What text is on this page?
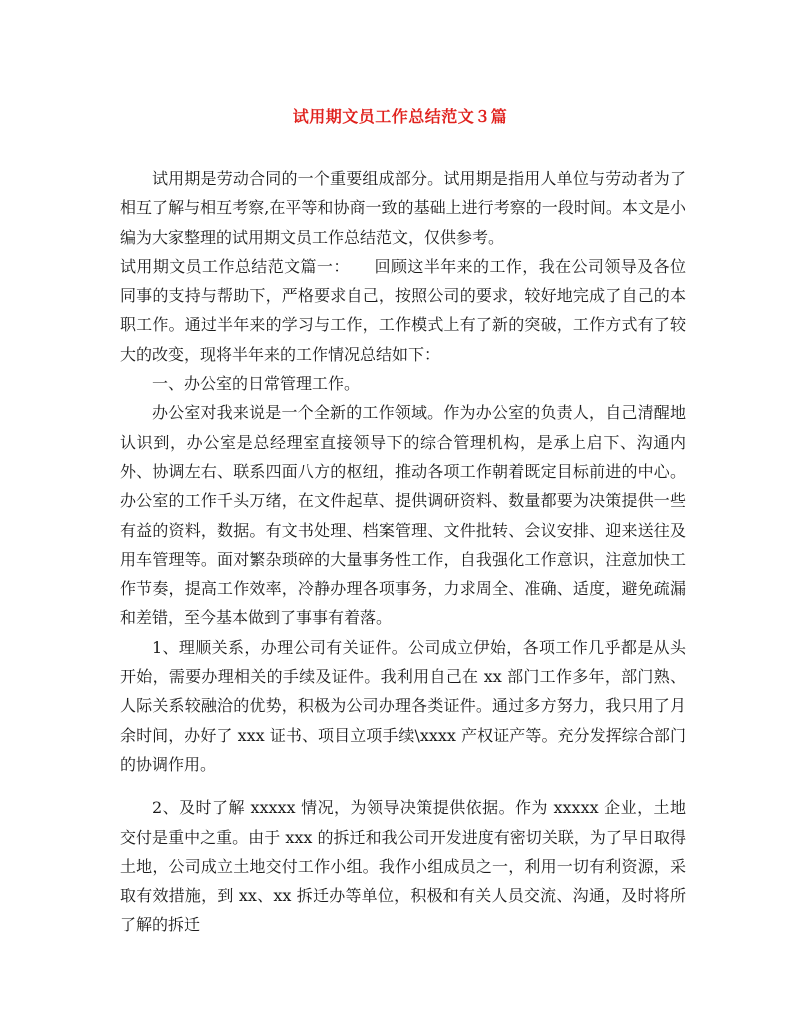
试用期文员工作总结范文３篇

试用期是劳动合同的一个重要组成部分。试用期是指用人单位与劳动者为了相互了解与相互考察,在平等和协商一致的基础上进行考察的一段时间。本文是小编为大家整理的试用期文员工作总结范文，仅供参考。

试用期文员工作总结范文篇一：　　回顾这半年来的工作，我在公司领导及各位同事的支持与帮助下，严格要求自己，按照公司的要求，较好地完成了自己的本职工作。通过半年来的学习与工作，工作模式上有了新的突破，工作方式有了较大的改变，现将半年来的工作情况总结如下：

一、办公室的日常管理工作。

办公室对我来说是一个全新的工作领域。作为办公室的负责人，自己清醒地认识到，办公室是总经理室直接领导下的综合管理机构，是承上启下、沟通内外、协调左右、联系四面八方的枢纽，推动各项工作朝着既定目标前进的中心。办公室的工作千头万绪，在文件起草、提供调研资料、数量都要为决策提供一些有益的资料，数据。有文书处理、档案管理、文件批转、会议安排、迎来送往及用车管理等。面对繁杂琐碎的大量事务性工作，自我强化工作意识，注意加快工作节奏，提高工作效率，冷静办理各项事务，力求周全、准确、适度，避免疏漏和差错，至今基本做到了事事有着落。

1、理顺关系，办理公司有关证件。公司成立伊始，各项工作几乎都是从头开始，需要办理相关的手续及证件。我利用自己在 xx 部门工作多年，部门熟、人际关系较融洽的优势，积极为公司办理各类证件。通过多方努力，我只用了月余时间，办好了 xxx 证书、项目立项手续\xxxx 产权证产等。充分发挥综合部门的协调作用。

2、及时了解 xxxxx 情况，为领导决策提供依据。作为 xxxxx 企业，土地交付是重中之重。由于 xxx 的拆迁和我公司开发进度有密切关联，为了早日取得土地，公司成立土地交付工作小组。我作小组成员之一，利用一切有利资源，采取有效措施，到 xx、xx 拆迁办等单位，积极和有关人员交流、沟通，及时将所了解的拆迁
